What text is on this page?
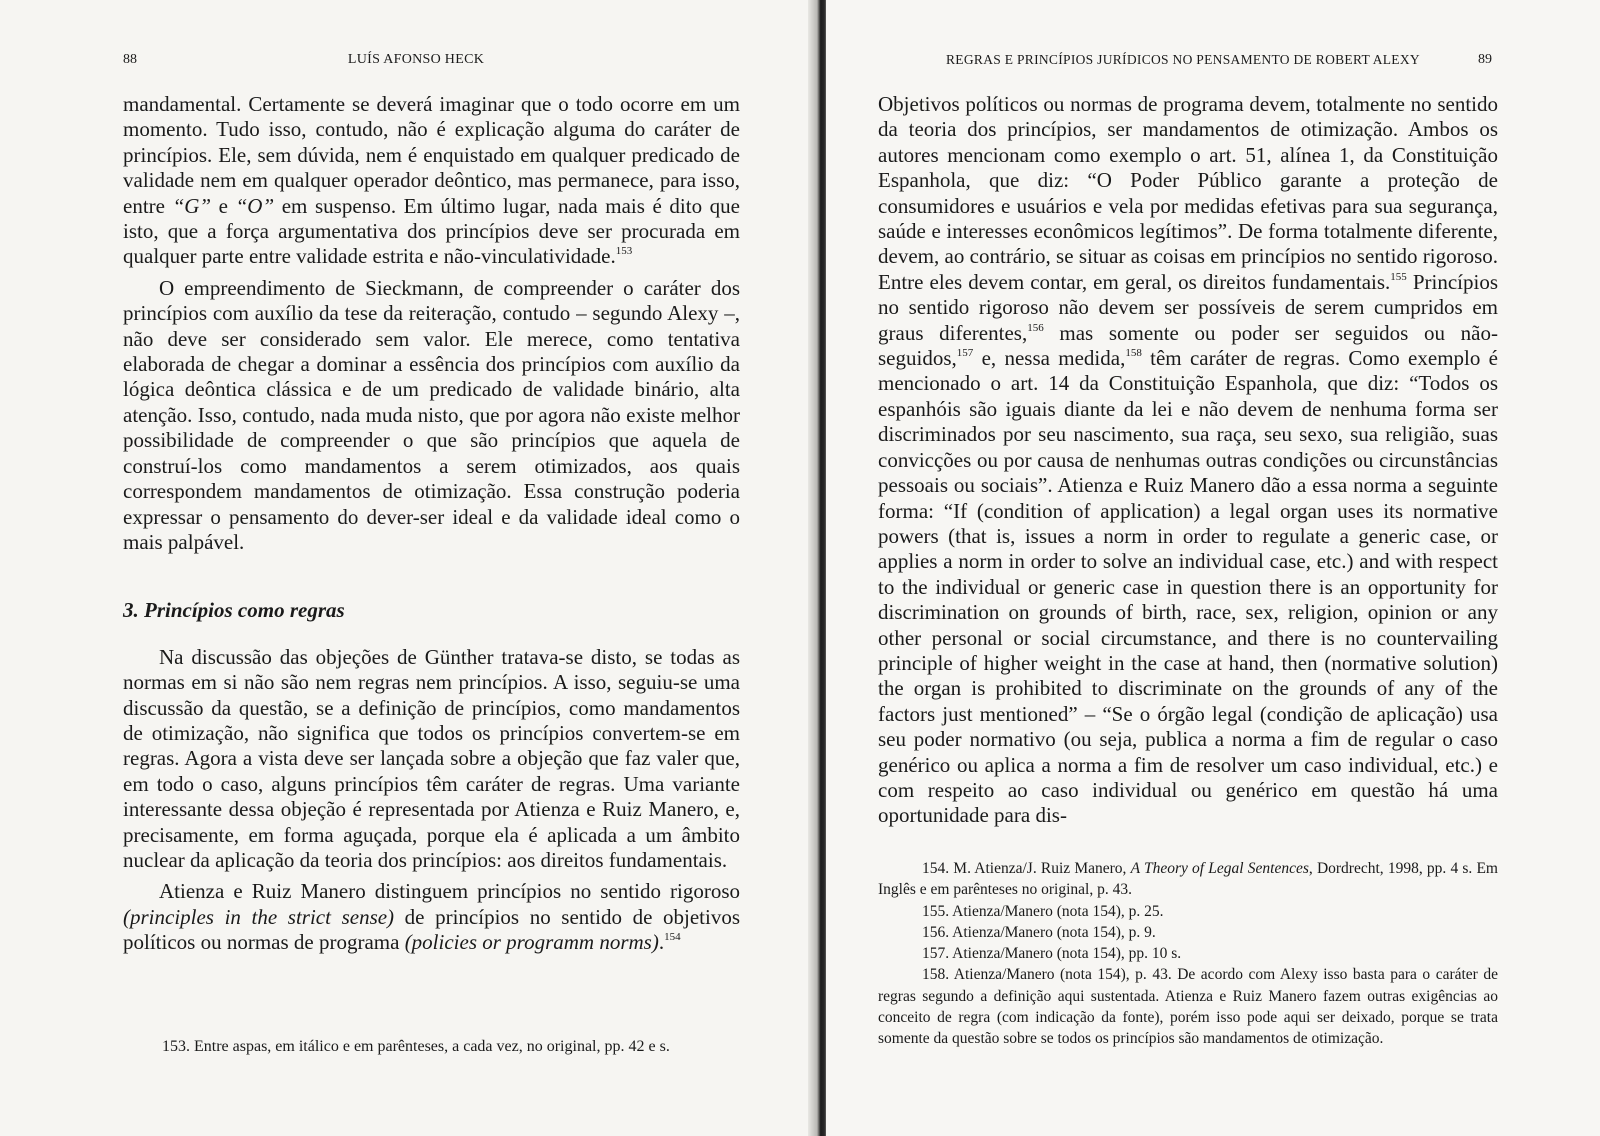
88	LUÍS AFONSO HECK

mandamental. Certamente se deverá imaginar que o todo ocorre em um momento. Tudo isso, contudo, não é explicação alguma do caráter de princípios. Ele, sem dúvida, nem é enquistado em qualquer predicado de validade nem em qualquer operador deôntico, mas permanece, para isso, entre “G” e “O” em suspenso. Em último lugar, nada mais é dito que isto, que a força argumentativa dos princípios deve ser procurada em qualquer parte entre validade estrita e não-vinculatividade.$^{153}$

O empreendimento de Sieckmann, de compreender o caráter dos princípios com auxílio da tese da reiteração, contudo – segundo Alexy –, não deve ser considerado sem valor. Ele merece, como tentativa elaborada de chegar a dominar a essência dos princípios com auxílio da lógica deôntica clássica e de um predicado de validade binário, alta atenção. Isso, contudo, nada muda nisto, que por agora não existe melhor possibilidade de compreender o que são princípios que aquela de construí-los como mandamentos a serem otimizados, aos quais correspondem mandamentos de otimização. Essa construção poderia expressar o pensamento do dever-ser ideal e da validade ideal como o mais palpável.

3. Princípios como regras

Na discussão das objeções de Günther tratava-se disto, se todas as normas em si não são nem regras nem princípios. A isso, seguiu-se uma discussão da questão, se a definição de princípios, como mandamentos de otimização, não significa que todos os princípios convertem-se em regras. Agora a vista deve ser lançada sobre a objeção que faz valer que, em todo o caso, alguns princípios têm caráter de regras. Uma variante interessante dessa objeção é representada por Atienza e Ruiz Manero, e, precisamente, em forma aguçada, porque ela é aplicada a um âmbito nuclear da aplicação da teoria dos princípios: aos direitos fundamentais.

Atienza e Ruiz Manero distinguem princípios no sentido rigoroso (principles in the strict sense) de princípios no sentido de objetivos políticos ou normas de programa (policies or programm norms).$^{154}$

153. Entre aspas, em itálico e em parênteses, a cada vez, no original, pp. 42 e s.
REGRAS E PRINCÍPIOS JURÍDICOS NO PENSAMENTO DE ROBERT ALEXY	89

Objetivos políticos ou normas de programa devem, totalmente no sentido da teoria dos princípios, ser mandamentos de otimização. Ambos os autores mencionam como exemplo o art. 51, alínea 1, da Constituição Espanhola, que diz: “O Poder Público garante a proteção de consumidores e usuários e vela por medidas efetivas para sua segurança, saúde e interesses econômicos legítimos”. De forma totalmente diferente, devem, ao contrário, se situar as coisas em princípios no sentido rigoroso. Entre eles devem contar, em geral, os direitos fundamentais.$^{155}$ Princípios no sentido rigoroso não devem ser possíveis de serem cumpridos em graus diferentes,$^{156}$ mas somente ou poder ser seguidos ou não-seguidos,$^{157}$ e, nessa medida,$^{158}$ têm caráter de regras. Como exemplo é mencionado o art. 14 da Constituição Espanhola, que diz: “Todos os espanhóis são iguais diante da lei e não devem de nenhuma forma ser discriminados por seu nascimento, sua raça, seu sexo, sua religião, suas convicções ou por causa de nenhumas outras condições ou circunstâncias pessoais ou sociais”. Atienza e Ruiz Manero dão a essa norma a seguinte forma: “If (condition of application) a legal organ uses its normative powers (that is, issues a norm in order to regulate a generic case, or applies a norm in order to solve an individual case, etc.) and with respect to the individual or generic case in question there is an opportunity for discrimination on grounds of birth, race, sex, religion, opinion or any other personal or social circumstance, and there is no countervailing principle of higher weight in the case at hand, then (normative solution) the organ is prohibited to discriminate on the grounds of any of the factors just mentioned” – “Se o órgão legal (condição de aplicação) usa seu poder normativo (ou seja, publica a norma a fim de regular o caso genérico ou aplica a norma a fim de resolver um caso individual, etc.) e com respeito ao caso individual ou genérico em questão há uma oportunidade para dis-

154. M. Atienza/J. Ruiz Manero, A Theory of Legal Sentences, Dordrecht, 1998, pp. 4 s. Em Inglês e em parênteses no original, p. 43.

155. Atienza/Manero (nota 154), p. 25.

156. Atienza/Manero (nota 154), p. 9.

157. Atienza/Manero (nota 154), pp. 10 s.

158. Atienza/Manero (nota 154), p. 43. De acordo com Alexy isso basta para o caráter de regras segundo a definição aqui sustentada. Atienza e Ruiz Manero fazem outras exigências ao conceito de regra (com indicação da fonte), porém isso pode aqui ser deixado, porque se trata somente da questão sobre se todos os princípios são mandamentos de otimização.
